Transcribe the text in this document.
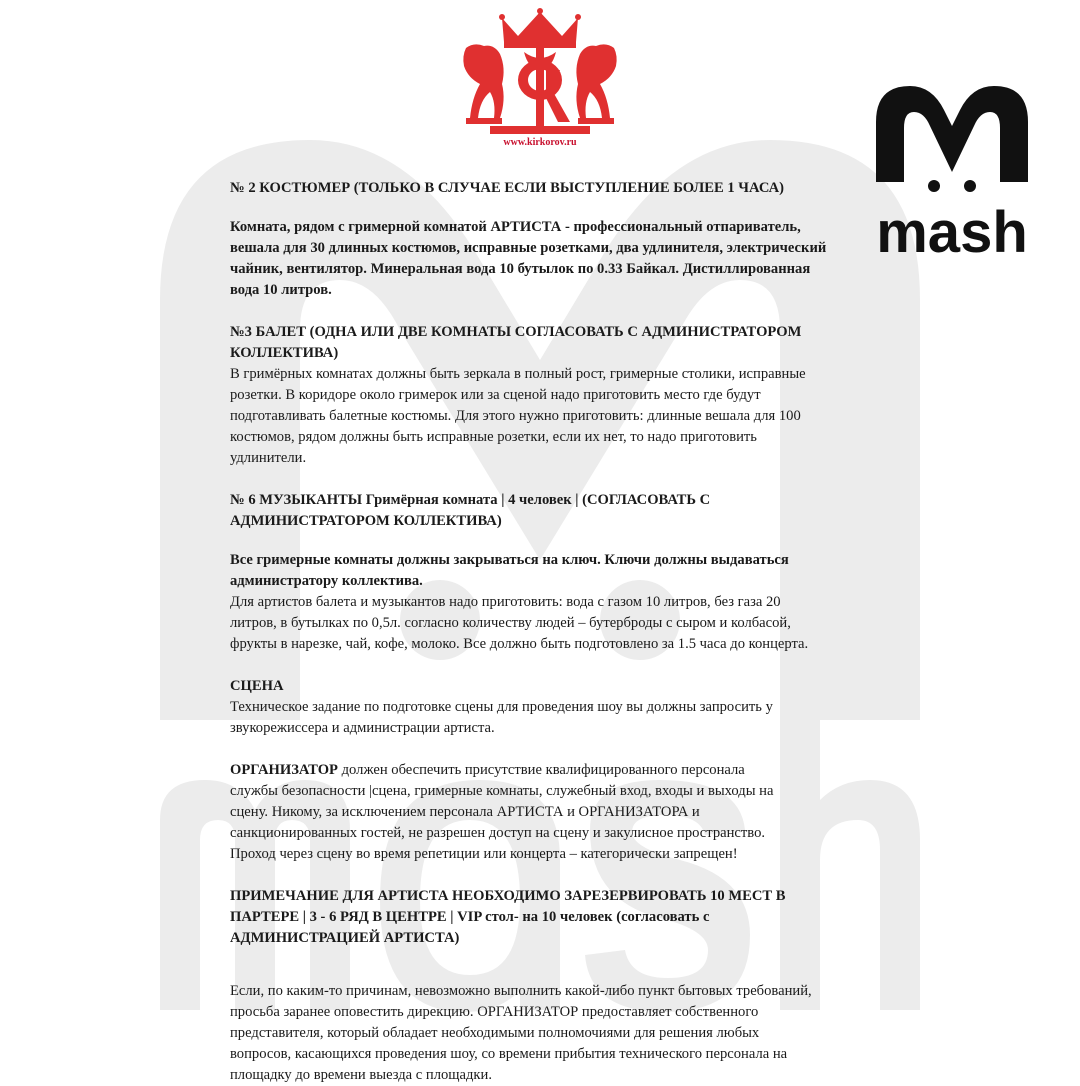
www.kirkorov.ru
mash

№ 2 КОСТЮМЕР (ТОЛЬКО В СЛУЧАЕ ЕСЛИ ВЫСТУПЛЕНИЕ БОЛЕЕ 1 ЧАСА)

Комната, рядом с гримерной комнатой АРТИСТА - профессиональный отпариватель,

вешала для 30 длинных костюмов, исправные розетками, два удлинителя, электрический

чайник, вентилятор. Минеральная вода 10 бутылок по 0.33 Байкал. Дистиллированная

вода 10 литров.

№3 БАЛЕТ (ОДНА ИЛИ ДВЕ КОМНАТЫ СОГЛАСОВАТЬ С АДМИНИСТРАТОРОМ

КОЛЛЕКТИВА)

В гримёрных комнатах должны быть зеркала в полный рост, гримерные столики, исправные

розетки. В коридоре около гримерок или за сценой надо приготовить место где будут

подготавливать балетные костюмы. Для этого нужно приготовить: длинные вешала для 100

костюмов, рядом должны быть исправные розетки, если их нет, то надо приготовить

удлинители.

№ 6 МУЗЫКАНТЫ Гримёрная комната | 4 человек | (СОГЛАСОВАТЬ С

АДМИНИСТРАТОРОМ КОЛЛЕКТИВА)

Все гримерные комнаты должны закрываться на ключ. Ключи должны выдаваться

администратору коллектива.

Для артистов балета и музыкантов надо приготовить: вода с газом 10 литров, без газа 20

литров, в бутылках по 0,5л. согласно количеству людей – бутерброды с сыром и колбасой,

фрукты в нарезке, чай, кофе, молоко. Все должно быть подготовлено за 1.5 часа до концерта.

СЦЕНА

Техническое задание по подготовке сцены для проведения шоу вы должны запросить у

звукорежиссера и администрации артиста.

ОРГАНИЗАТОР должен обеспечить присутствие квалифицированного персонала

службы безопасности |сцена, гримерные комнаты, служебный вход, входы и выходы на

сцену. Никому, за исключением персонала АРТИСТА и ОРГАНИЗАТОРА и

санкционированных гостей, не разрешен доступ на сцену и закулисное пространство.

Проход через сцену во время репетиции или концерта – категорически запрещен!

ПРИМЕЧАНИЕ ДЛЯ АРТИСТА НЕОБХОДИМО ЗАРЕЗЕРВИРОВАТЬ 10 МЕСТ В

ПАРТЕРЕ | 3 - 6 РЯД В ЦЕНТРЕ | VIP стол- на 10 человек (согласовать с

АДМИНИСТРАЦИЕЙ АРТИСТА)

Если, по каким-то причинам, невозможно выполнить какой-либо пункт бытовых требований,

просьба заранее оповестить дирекцию. ОРГАНИЗАТОР предоставляет собственного

представителя, который обладает необходимыми полномочиями для решения любых

вопросов, касающихся проведения шоу, со времени прибытия технического персонала на

площадку до времени выезда с площадки.
